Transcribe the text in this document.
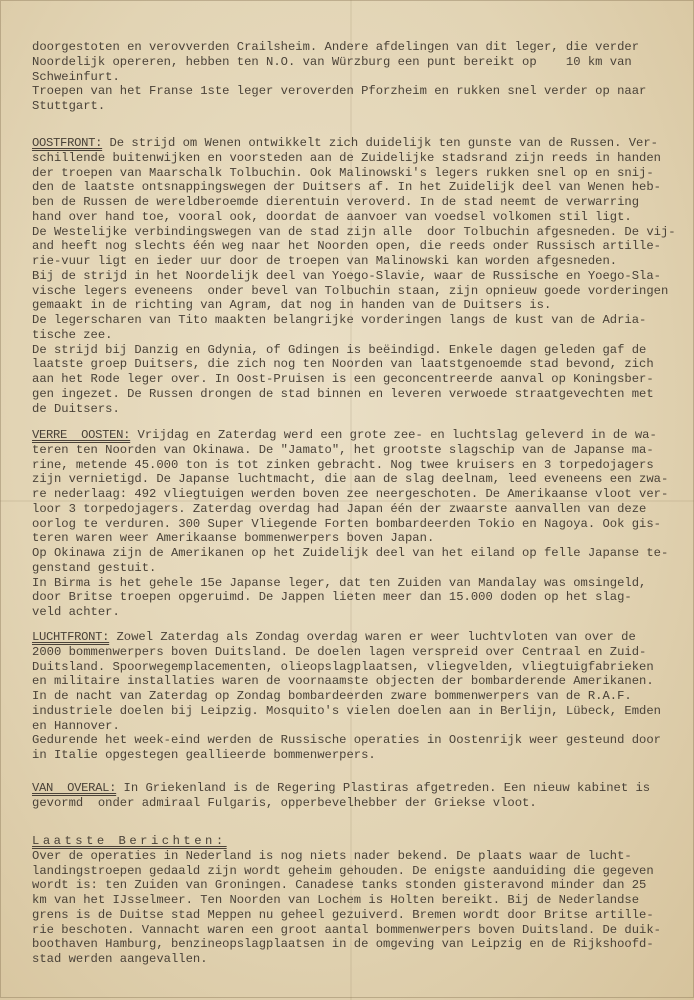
doorgestoten en verovverden Crailsheim. Andere afdelingen van dit leger, die verder
Noordelijk opereren, hebben ten N.O. van Würzburg een punt bereikt op    10 km van
Schweinfurt.
Troepen van het Franse 1ste leger veroverden Pforzheim en rukken snel verder op naar
Stuttgart.
OOSTFRONT: De strijd om Wenen ontwikkelt zich duidelijk ten gunste van de Russen. Ver-
schillende buitenwijken en voorsteden aan de Zuidelijke stadsrand zijn reeds in handen
der troepen van Maarschalk Tolbuchin. Ook Malinowski's legers rukken snel op en snij-
den de laatste ontsnappingswegen der Duitsers af. In het Zuidelijk deel van Wenen heb-
ben de Russen de wereldberoemde dierentuin veroverd. In de stad neemt de verwarring
hand over hand toe, vooral ook, doordat de aanvoer van voedsel volkomen stil ligt.
De Westelijke verbindingswegen van de stad zijn alle  door Tolbuchin afgesneden. De vij-
and heeft nog slechts één weg naar het Noorden open, die reeds onder Russisch artille-
rie-vuur ligt en ieder uur door de troepen van Malinowski kan worden afgesneden.
Bij de strijd in het Noordelijk deel van Yoego-Slavie, waar de Russische en Yoego-Sla-
vische legers eveneens  onder bevel van Tolbuchin staan, zijn opnieuw goede vorderingen
gemaakt in de richting van Agram, dat nog in handen van de Duitsers is.
De legerscharen van Tito maakten belangrijke vorderingen langs de kust van de Adria-
tische zee.
De strijd bij Danzig en Gdynia, of Gdingen is beëindigd. Enkele dagen geleden gaf de
laatste groep Duitsers, die zich nog ten Noorden van laatstgenoemde stad bevond, zich
aan het Rode leger over. In Oost-Pruisen is een geconcentreerde aanval op Koningsber-
gen ingezet. De Russen drongen de stad binnen en leveren verwoede straatgevechten met
de Duitsers.
VERRE  OOSTEN: Vrijdag en Zaterdag werd een grote zee- en luchtslag geleverd in de wa-
teren ten Noorden van Okinawa. De "Jamato", het grootste slagschip van de Japanse ma-
rine, metende 45.000 ton is tot zinken gebracht. Nog twee kruisers en 3 torpedojagers
zijn vernietigd. De Japanse luchtmacht, die aan de slag deelnam, leed eveneens een zwa-
re nederlaag: 492 vliegtuigen werden boven zee neergeschoten. De Amerikaanse vloot ver-
loor 3 torpedojagers. Zaterdag overdag had Japan één der zwaarste aanvallen van deze
oorlog te verduren. 300 Super Vliegende Forten bombardeerden Tokio en Nagoya. Ook gis-
teren waren weer Amerikaanse bommenwerpers boven Japan.
Op Okinawa zijn de Amerikanen op het Zuidelijk deel van het eiland op felle Japanse te-
genstand gestuit.
In Birma is het gehele 15e Japanse leger, dat ten Zuiden van Mandalay was omsingeld,
door Britse troepen opgeruimd. De Jappen lieten meer dan 15.000 doden op het slag-
veld achter.
LUCHTFRONT: Zowel Zaterdag als Zondag overdag waren er weer luchtvloten van over de
2000 bommenwerpers boven Duitsland. De doelen lagen verspreid over Centraal en Zuid-
Duitsland. Spoorwegemplacementen, olieopslagplaatsen, vliegvelden, vliegtuigfabrieken
en militaire installaties waren de voornaamste objecten der bombarderende Amerikanen.
In de nacht van Zaterdag op Zondag bombardeerden zware bommenwerpers van de R.A.F.
industriele doelen bij Leipzig. Mosquito's vielen doelen aan in Berlijn, Lübeck, Emden
en Hannover.
Gedurende het week-eind werden de Russische operaties in Oostenrijk weer gesteund door
in Italie opgestegen geallieerde bommenwerpers.
VAN  OVERAL: In Griekenland is de Regering Plastiras afgetreden. Een nieuw kabinet is
gevormd  onder admiraal Fulgaris, opperbevelhebber der Griekse vloot.
Laatste Berichten:
Over de operaties in Nederland is nog niets nader bekend. De plaats waar de lucht-
landingstroepen gedaald zijn wordt geheim gehouden. De enigste aanduiding die gegeven
wordt is: ten Zuiden van Groningen. Canadese tanks stonden gisteravond minder dan 25
km van het IJsselmeer. Ten Noorden van Lochem is Holten bereikt. Bij de Nederlandse
grens is de Duitse stad Meppen nu geheel gezuiverd. Bremen wordt door Britse artille-
rie beschoten. Vannacht waren een groot aantal bommenwerpers boven Duitsland. De duik-
boothaven Hamburg, benzineopslagplaatsen in de omgeving van Leipzig en de Rijkshoofd-
stad werden aangevallen.
